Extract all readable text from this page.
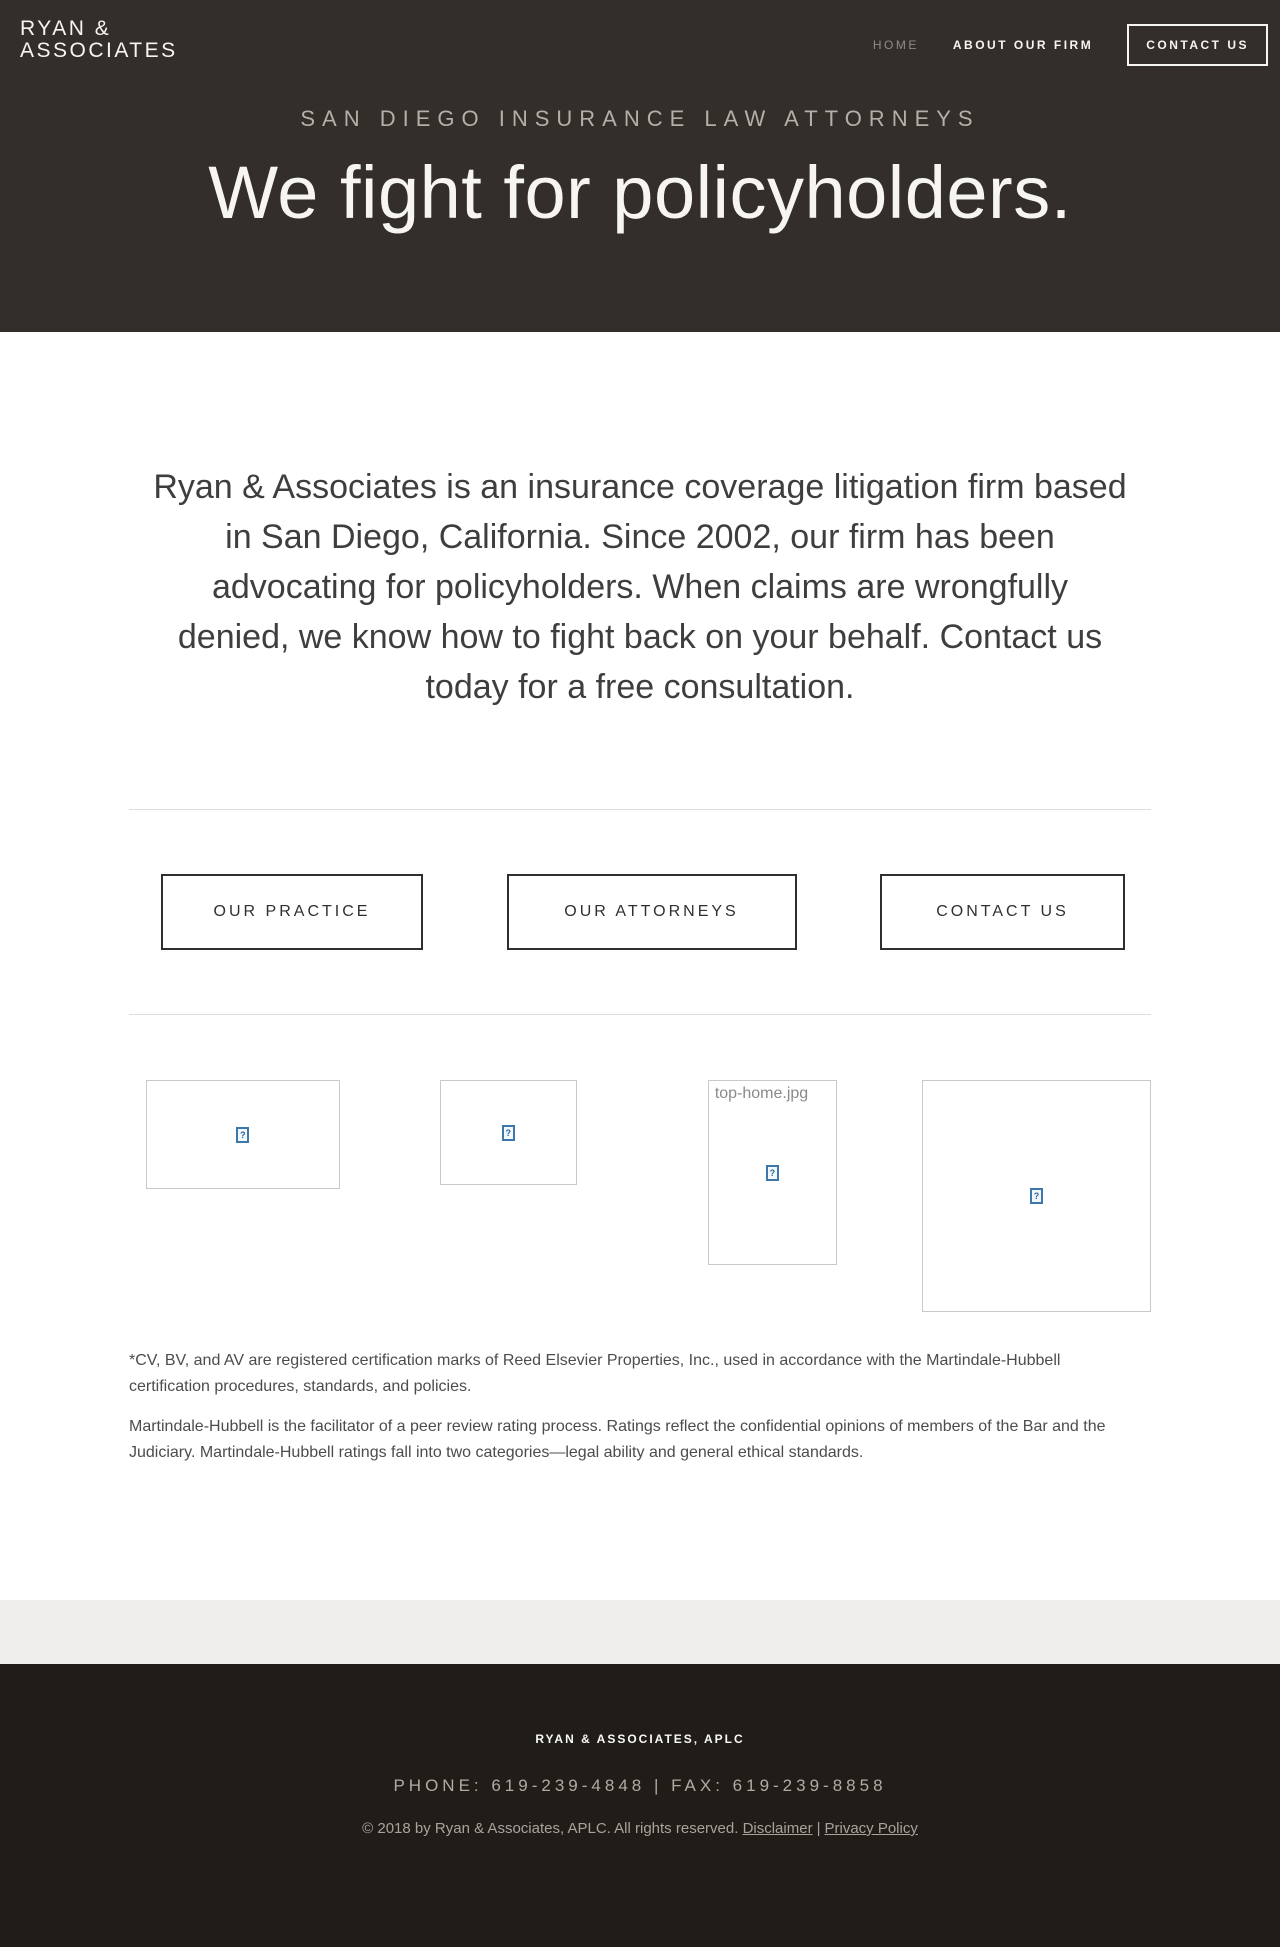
RYAN &
ASSOCIATES	HOME	ABOUT OUR FIRM	CONTACT US
SAN DIEGO INSURANCE LAW ATTORNEYS
We fight for policyholders.
Ryan & Associates is an insurance coverage litigation firm based
in San Diego, California. Since 2002, our firm has been
advocating for policyholders. When claims are wrongfully
denied, we know how to fight back on your behalf. Contact us
today for a free consultation.
OUR PRACTICE	OUR ATTORNEYS	CONTACT US
?	?
top-home.jpg
?
?

*CV, BV, and AV are registered certification marks of Reed Elsevier Properties, Inc., used in accordance with the Martindale-Hubbell
certification procedures, standards, and policies.

Martindale-Hubbell is the facilitator of a peer review rating process. Ratings reflect the confidential opinions of members of the Bar and the
Judiciary. Martindale-Hubbell ratings fall into two categories—legal ability and general ethical standards.

RYAN & ASSOCIATES, APLC
PHONE: 619-239-4848 | FAX: 619-239-8858
© 2018 by Ryan & Associates, APLC. All rights reserved. Disclaimer | Privacy Policy
